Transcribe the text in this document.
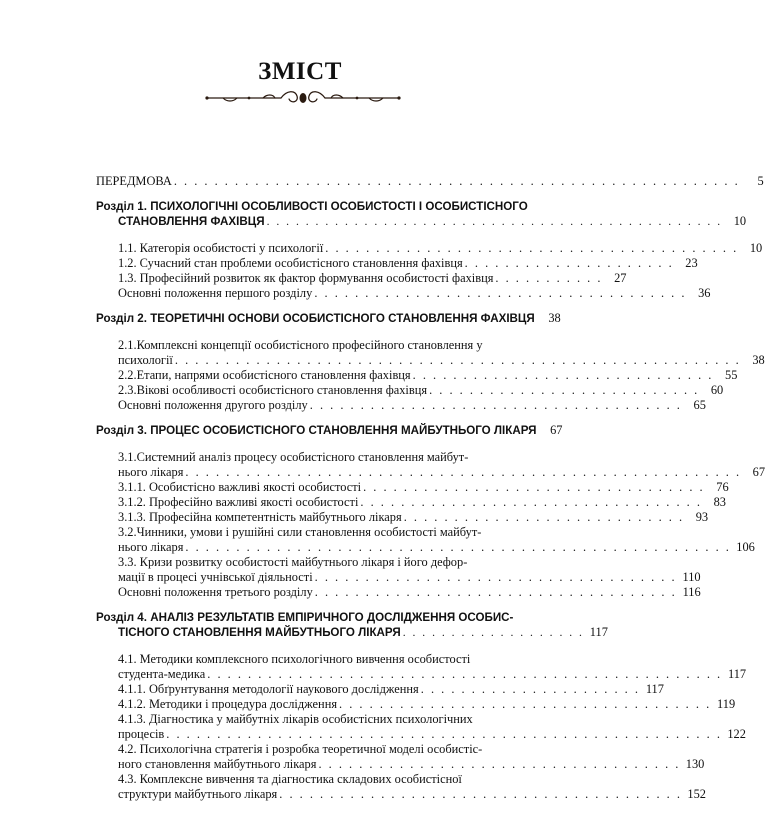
ЗМІСТ
ПЕРЕДМОВА . . . . . . . . . . . . . . . . . . . . . . . . . . . . . . . . . . . . . . . . . . . . . . . . . . . . . . . .	5
Розділ 1. ПСИХОЛОГІЧНІ ОСОБЛИВОСТІ ОСОБИСТОСТІ І ОСОБИСТІСНОГО
СТАНОВЛЕННЯ ФАХІВЦЯ . . . . . . . . . . . . . . . . . . . . . . . . . . . . . . . . . . . . . . . . . . . . . . . 10
1.1. Категорія особистості у психології . . . . . . . . . . . . . . . . . . . . . . . . . . . . . . . . . . . . . . . . . 10
1.2. Сучасний стан проблеми особистісного становлення фахівця . . . . . . . . . . . . . . . . . . . . . 23
1.3. Професійний розвиток як фактор формування особистості фахівця . . . . . . . . . . . 27
Основні положення першого розділу . . . . . . . . . . . . . . . . . . . . . . . . . . . . . . . . . . . . . 36
Розділ 2. ТЕОРЕТИЧНІ ОСНОВИ ОСОБИСТІСНОГО СТАНОВЛЕННЯ ФАХІВЦЯ	38
2.1.Комплексні концепції особистісного професійного становлення у
психології . . . . . . . . . . . . . . . . . . . . . . . . . . . . . . . . . . . . . . . . . . . . . . . . . . . . . . . . 38
2.2.Етапи, напрями особистісного становлення фахівця . . . . . . . . . . . . . . . . . . . . . . . . . . . . . . 55
2.3.Вікові особливості особистісного становлення фахівця . . . . . . . . . . . . . . . . . . . . . . . . . . . 60
Основні положення другого розділу . . . . . . . . . . . . . . . . . . . . . . . . . . . . . . . . . . . . . 65
Розділ 3. ПРОЦЕС ОСОБИСТІСНОГО СТАНОВЛЕННЯ МАЙБУТНЬОГО ЛІКАРЯ	67
3.1.Системний аналіз процесу особистісного становлення майбут-
нього лікаря . . . . . . . . . . . . . . . . . . . . . . . . . . . . . . . . . . . . . . . . . . . . . . . . . . . . . . . 67
3.1.1. Особистісно важливі якості особистості . . . . . . . . . . . . . . . . . . . . . . . . . . . . . . . . . . 76
3.1.2. Професійно важливі якості особистості . . . . . . . . . . . . . . . . . . . . . . . . . . . . . . . . . . 83
3.1.3. Професійна компетентність майбутнього лікаря . . . . . . . . . . . . . . . . . . . . . . . . . . . . 93
3.2.Чинники, умови і рушійні сили становлення особистості майбут-
нього лікаря . . . . . . . . . . . . . . . . . . . . . . . . . . . . . . . . . . . . . . . . . . . . . . . . . . . . . . 106
3.3. Кризи розвитку особистості майбутнього лікаря і його дефор-
мації в процесі учнівської діяльності . . . . . . . . . . . . . . . . . . . . . . . . . . . . . . . . . . . . 110
Основні положення третього розділу . . . . . . . . . . . . . . . . . . . . . . . . . . . . . . . . . . . . 116
Розділ 4. АНАЛІЗ РЕЗУЛЬТАТІВ ЕМПІРИЧНОГО ДОСЛІДЖЕННЯ ОСОБИС-
ТІСНОГО СТАНОВЛЕННЯ МАЙБУТНЬОГО ЛІКАРЯ . . . . . . . . . . . . . . . . . . . 117
4.1. Методики комплексного психологічного вивчення особистості
студента-медика . . . . . . . . . . . . . . . . . . . . . . . . . . . . . . . . . . . . . . . . . . . . . . . . . . . 117
4.1.1. Обґрунтування методології наукового дослідження . . . . . . . . . . . . . . . . . . . . . . 117
4.1.2. Методики і процедура дослідження . . . . . . . . . . . . . . . . . . . . . . . . . . . . . . . . . . . . . 119
4.1.3. Діагностика у майбутніх лікарів особистісних психологічних
процесів . . . . . . . . . . . . . . . . . . . . . . . . . . . . . . . . . . . . . . . . . . . . . . . . . . . . . . . 122
4.2. Психологічна стратегія і розробка теоретичної моделі особистіс-
ного становлення майбутнього лікаря . . . . . . . . . . . . . . . . . . . . . . . . . . . . . . . . . . . . 130
4.3. Комплексне вивчення та діагностика складових особистісної
структури майбутнього лікаря . . . . . . . . . . . . . . . . . . . . . . . . . . . . . . . . . . . . . . . . 152
